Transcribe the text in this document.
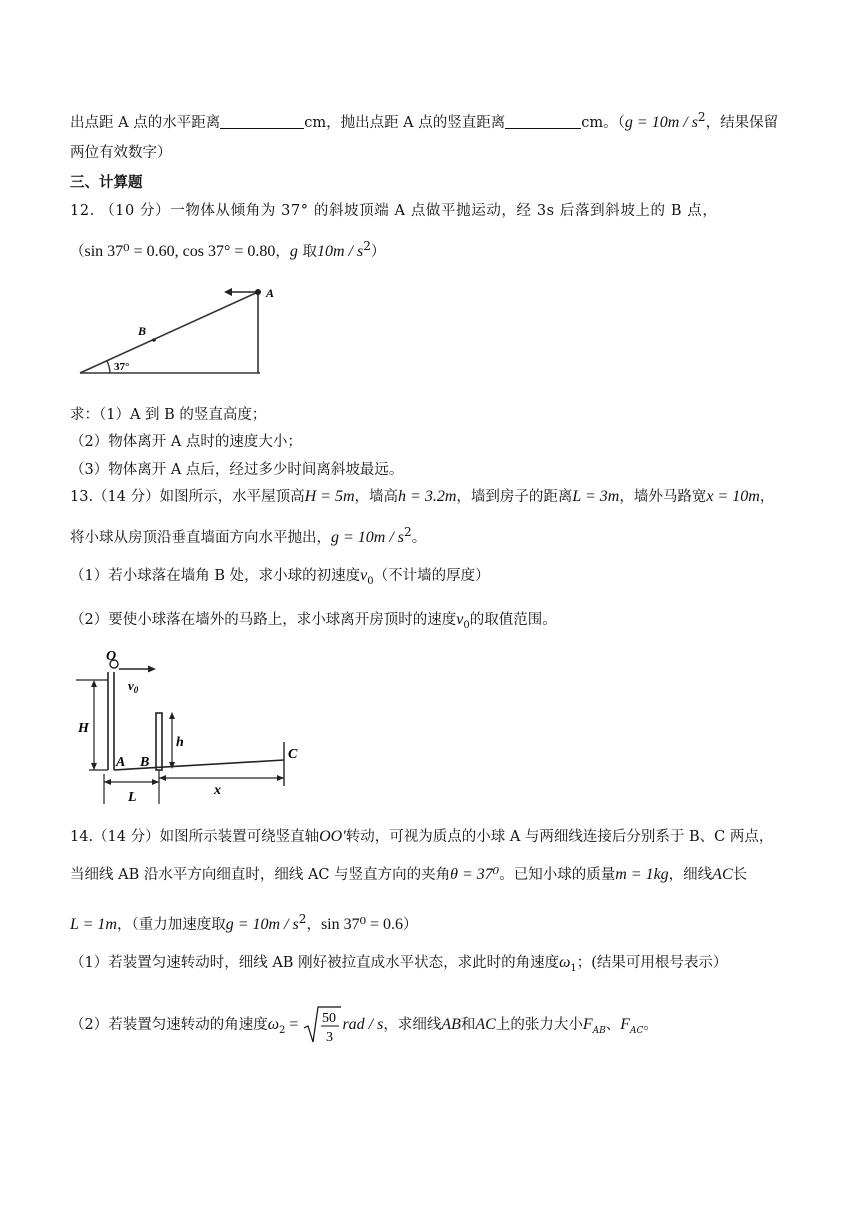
出点距 A 点的水平距离	cm，抛出点距 A 点的竖直距离	cm。（$g = 10m / s^2$，结果保留
两位有效数字）
三、计算题
12. （10 分）一物体从倾角为 37° 的斜坡顶端 A 点做平抛运动，经 3s 后落到斜坡上的 B 点，
（sin 37⁰ = 0.60, cos 37° = 0.80，g 取$10m / s^2$）
A
B
37°
求：（1）A 到 B 的竖直高度；
（2）物体离开 A 点时的速度大小；
（3）物体离开 A 点后，经过多少时间离斜坡最远。
13.（14 分）如图所示，水平屋顶高H = 5m，墙高h = 3.2m，墙到房子的距离L = 3m，墙外马路宽x = 10m，
将小球从房顶沿垂直墙面方向水平抛出，$g = 10m / s^2$。
（1）若小球落在墙角 B 处，求小球的初速度$v_0$（不计墙的厚度）
（2）要使小球落在墙外的马路上，求小球离开房顶时的速度$v_0$的取值范围。
O
$v_0$
H
h
C
A B
L	x
14.（14 分）如图所示装置可绕竖直轴OO′转动，可视为质点的小球 A 与两细线连接后分别系于 B、C 两点，
当细线 AB 沿水平方向细直时，细线 AC 与竖直方向的夹角θ = 37⁰。已知小球的质量m = 1kg，细线AC长
L = 1m，（重力加速度取$g = 10m / s^2$，sin 37⁰ = 0.6）
（1）若装置匀速转动时，细线 AB 刚好被拉直成水平状态，求此时的角速度$\omega_1$；(结果可用根号表示）
（2）若装置匀速转动的角速度$\omega_2 = 50$
3
rad / s，求细线AB和AC上的张力大小$F_{AB}$、$F_{AC}$。
